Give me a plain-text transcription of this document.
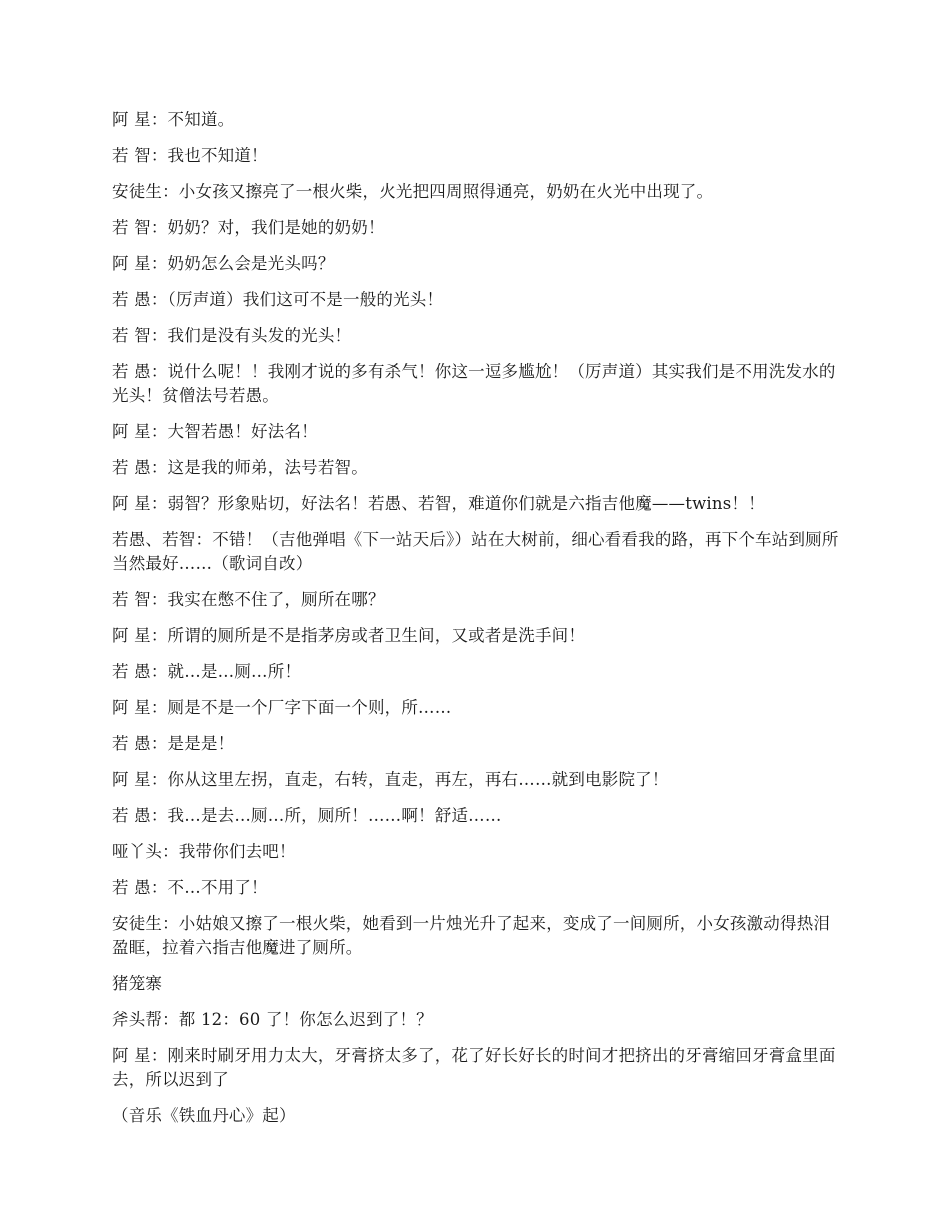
阿 星：不知道。

若 智：我也不知道！

安徒生：小女孩又擦亮了一根火柴，火光把四周照得通亮，奶奶在火光中出现了。

若 智：奶奶？对，我们是她的奶奶！

阿 星：奶奶怎么会是光头吗？

若 愚：（厉声道）我们这可不是一般的光头！

若 智：我们是没有头发的光头！

若 愚：说什么呢！！我刚才说的多有杀气！你这一逗多尴尬！（厉声道）其实我们是不用洗发水的光头！贫僧法号若愚。

阿 星：大智若愚！好法名！

若 愚：这是我的师弟，法号若智。

阿 星：弱智？形象贴切，好法名！若愚、若智，难道你们就是六指吉他魔——twins！！

若愚、若智：不错！（吉他弹唱《下一站天后》）站在大树前，细心看看我的路，再下个车站到厕所当然最好……（歌词自改）

若 智：我实在憋不住了，厕所在哪？

阿 星：所谓的厕所是不是指茅房或者卫生间，又或者是洗手间！

若 愚：就…是…厕…所！

阿 星：厕是不是一个厂字下面一个则，所……

若 愚：是是是！

阿 星：你从这里左拐，直走，右转，直走，再左，再右……就到电影院了！

若 愚：我…是去…厕…所，厕所！……啊！舒适……

哑丫头：我带你们去吧！

若 愚：不…不用了！

安徒生：小姑娘又擦了一根火柴，她看到一片烛光升了起来，变成了一间厕所，小女孩激动得热泪盈眶，拉着六指吉他魔进了厕所。

猪笼寨

斧头帮：都 12：60 了！你怎么迟到了！？

阿 星：刚来时刷牙用力太大，牙膏挤太多了，花了好长好长的时间才把挤出的牙膏缩回牙膏盒里面去，所以迟到了

（音乐《铁血丹心》起）
